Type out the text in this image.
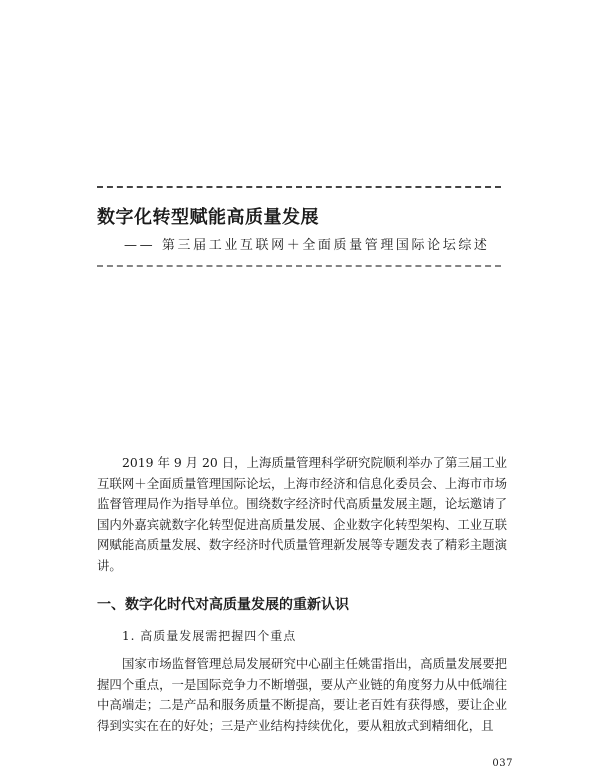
数字化转型赋能高质量发展
—— 第三届工业互联网＋全面质量管理国际论坛综述

2019 年 9 月 20 日，上海质量管理科学研究院顺利举办了第三届工业互联网＋全面质量管理国际论坛，上海市经济和信息化委员会、上海市市场监督管理局作为指导单位。围绕数字经济时代高质量发展主题，论坛邀请了国内外嘉宾就数字化转型促进高质量发展、企业数字化转型架构、工业互联网赋能高质量发展、数字经济时代质量管理新发展等专题发表了精彩主题演讲。

一、数字化时代对高质量发展的重新认识
1. 高质量发展需把握四个重点

国家市场监督管理总局发展研究中心副主任姚雷指出，高质量发展要把握四个重点，一是国际竞争力不断增强，要从产业链的角度努力从中低端往中高端走；二是产品和服务质量不断提高，要让老百姓有获得感，要让企业得到实实在在的好处；三是产业结构持续优化，要从粗放式到精细化，且

037
